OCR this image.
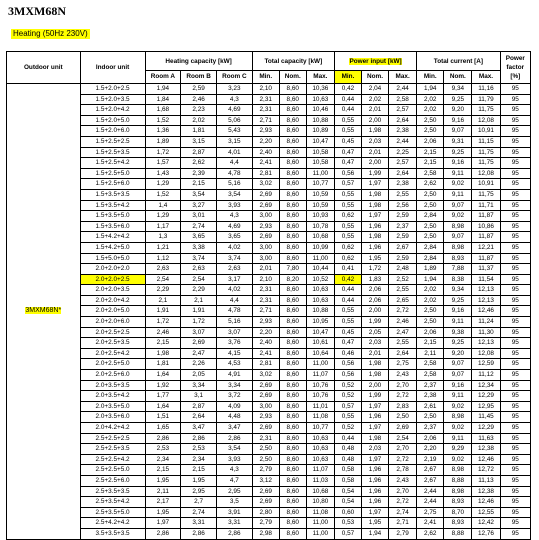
3MXM68N
Heating (50Hz 230V)
Outdoor unit	Indoor unit	Heating capacity [kW]			Total capacity [kW]			Power input [kW]			Total current [A]			Power factor [%]
		Room A	Room B	Room C	Min.	Nom.	Max.	Min.	Nom.	Max.	Min.	Nom.	Max.	
3MXM68N*	1.5+2.0+2.5	1,94	2,59	3,23	2,10	8,60	10,36	0,42	2,04	2,44	1,94	9,34	11,16	95
	1.5+2.0+3.5	1,84	2,46	4,3	2,31	8,60	10,63	0,44	2,02	2,58	2,02	9,25	11,79	95
	1.5+2.0+4.2	1,68	2,23	4,69	2,31	8,60	10,46	0,44	2,01	2,57	2,02	9,20	11,75	95
	1.5+2.0+5.0	1,52	2,02	5,06	2,71	8,60	10,88	0,55	2,00	2,64	2,50	9,16	12,08	95
	1.5+2.0+6.0	1,36	1,81	5,43	2,93	8,60	10,89	0,55	1,98	2,38	2,50	9,07	10,91	95
	1.5+2.5+2.5	1,89	3,15	3,15	2,20	8,60	10,47	0,45	2,03	2,44	2,06	9,31	11,15	95
	1.5+2.5+3.5	1,72	2,87	4,01	2,40	8,60	10,58	0,47	2,01	2,25	2,15	9,25	11,75	95
	1.5+2.5+4.2	1,57	2,62	4,4	2,41	8,60	10,58	0,47	2,00	2,57	2,15	9,16	11,75	95
	1.5+2.5+5.0	1,43	2,39	4,78	2,81	8,60	11,00	0,56	1,99	2,64	2,58	9,11	12,08	95
	1.5+2.5+6.0	1,29	2,15	5,16	3,02	8,60	10,77	0,57	1,97	2,38	2,62	9,02	10,91	95
	1.5+3.5+3.5	1,52	3,54	3,54	2,69	8,60	10,59	0,55	1,98	2,55	2,50	9,11	11,75	95
	1.5+3.5+4.2	1,4	3,27	3,93	2,69	8,60	10,59	0,55	1,98	2,56	2,50	9,07	11,71	95
	1.5+3.5+5.0	1,29	3,01	4,3	3,00	8,60	10,93	0,62	1,97	2,59	2,84	9,02	11,87	95
	1.5+3.5+6.0	1,17	2,74	4,69	2,93	8,60	10,78	0,55	1,96	2,37	2,50	8,98	10,86	95
	1.5+4.2+4.2	1,3	3,65	3,65	2,69	8,60	10,68	0,55	1,98	2,59	2,50	9,07	11,87	95
	1.5+4.2+5.0	1,21	3,38	4,02	3,00	8,60	10,99	0,62	1,96	2,67	2,84	8,98	12,21	95
	1.5+5.0+5.0	1,12	3,74	3,74	3,00	8,60	11,00	0,62	1,95	2,59	2,84	8,93	11,87	95
	2.0+2.0+2.0	2,63	2,63	2,63	2,01	7,80	10,44	0,41	1,72	2,48	1,89	7,88	11,37	95
	2.0+2.0+2.5	2,54	2,54	3,17	2,10	8,20	10,52	0,42	1,83	2,52	1,94	8,38	11,54	95
	2.0+2.0+3.5	2,29	2,29	4,02	2,31	8,60	10,63	0,44	2,06	2,55	2,02	9,34	12,13	95
	2.0+2.0+4.2	2,1	2,1	4,4	2,31	8,60	10,63	0,44	2,06	2,65	2,02	9,25	12,13	95
	2.0+2.0+5.0	1,91	1,91	4,78	2,71	8,60	10,88	0,55	2,00	2,72	2,50	9,16	12,46	95
	2.0+2.0+6.0	1,72	1,72	5,16	2,93	8,60	10,95	0,55	1,99	2,46	2,50	9,11	11,24	95
	2.0+2.5+2.5	2,46	3,07	3,07	2,20	8,60	10,47	0,45	2,05	2,47	2,06	9,38	11,30	95
	2.0+2.5+3.5	2,15	2,69	3,76	2,40	8,60	10,61	0,47	2,03	2,55	2,15	9,25	12,13	95
	2.0+2.5+4.2	1,98	2,47	4,15	2,41	8,60	10,64	0,46	2,01	2,64	2,11	9,20	12,08	95
	2.0+2.5+5.0	1,81	2,26	4,53	2,81	8,60	11,00	0,56	1,98	2,75	2,58	9,07	12,59	95
	2.0+2.5+6.0	1,64	2,05	4,91	3,02	8,60	11,07	0,56	1,98	2,43	2,58	9,07	11,12	95
	2.0+3.5+3.5	1,92	3,34	3,34	2,69	8,60	10,76	0,52	2,00	2,70	2,37	9,16	12,34	95
	2.0+3.5+4.2	1,77	3,1	3,72	2,69	8,60	10,76	0,52	1,99	2,72	2,38	9,11	12,29	95
	2.0+3.5+5.0	1,64	2,87	4,09	3,00	8,60	11,01	0,57	1,97	2,83	2,61	9,02	12,95	95
	2.0+3.5+6.0	1,51	2,64	4,48	2,93	8,60	11,08	0,55	1,96	2,50	2,50	8,98	11,45	95
	2.0+4.2+4.2	1,65	3,47	3,47	2,69	8,60	10,77	0,52	1,97	2,69	2,37	9,02	12,29	95
	2.5+2.5+2.5	2,86	2,86	2,86	2,31	8,60	10,63	0,44	1,98	2,54	2,06	9,11	11,63	95
	2.5+2.5+3.5	2,53	2,53	3,54	2,50	8,60	10,63	0,48	2,03	2,70	2,20	9,29	12,38	95
	2.5+2.5+4.2	2,34	2,34	3,93	2,50	8,60	10,63	0,48	1,97	2,72	2,19	9,02	12,46	95
	2.5+2.5+5.0	2,15	2,15	4,3	2,79	8,60	11,07	0,58	1,96	2,78	2,67	8,98	12,72	95
	2.5+2.5+6.0	1,95	1,95	4,7	3,12	8,60	11,03	0,58	1,96	2,43	2,67	8,88	11,13	95
	2.5+3.5+3.5	2,11	2,95	2,95	2,69	8,60	10,68	0,54	1,96	2,70	2,44	8,98	12,38	95
	2.5+3.5+4.2	2,17	2,7	3,5	2,69	8,60	10,80	0,54	1,96	2,72	2,44	8,93	12,46	95
	2.5+3.5+5.0	1,95	2,74	3,91	2,80	8,60	11,08	0,60	1,97	2,74	2,75	8,70	12,55	95
	2.5+4.2+4.2	1,97	3,31	3,31	2,79	8,60	11,00	0,53	1,95	2,71	2,41	8,93	12,42	95
	3.5+3.5+3.5	2,86	2,86	2,86	2,98	8,60	11,00	0,57	1,94	2,79	2,62	8,88	12,76	95
